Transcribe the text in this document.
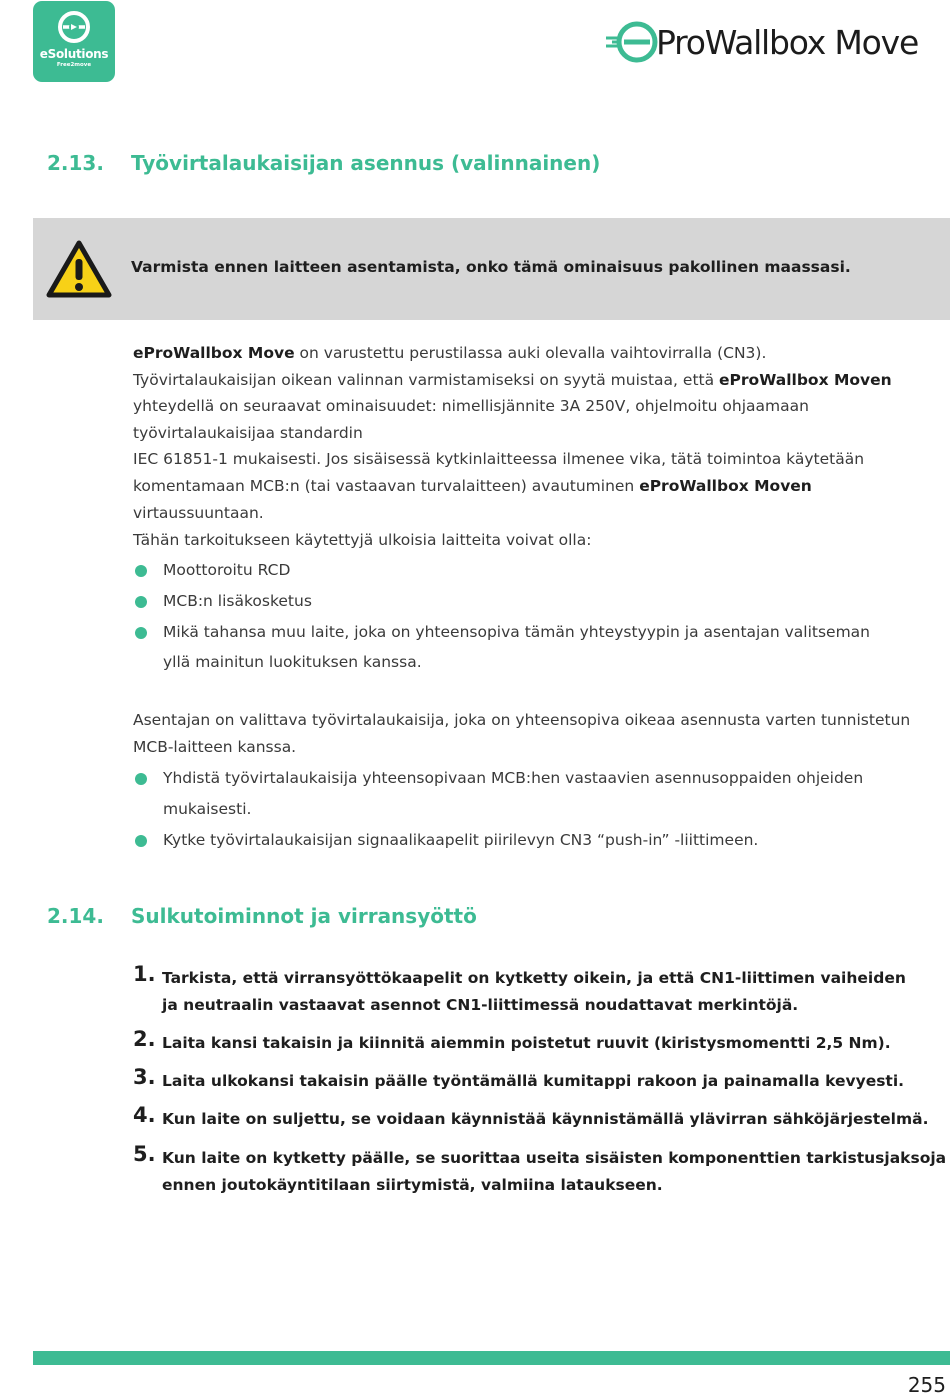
eSolutions
Free2move
ProWallbox Move
2.13. Työvirtalaukaisijan asennus (valinnainen)
Varmista ennen laitteen asentamista, onko tämä ominaisuus pakollinen maassasi.
eProWallbox Move on varustettu perustilassa auki olevalla vaihtovirralla (CN3).
Työvirtalaukaisijan oikean valinnan varmistamiseksi on syytä muistaa, että eProWallbox Moven
yhteydellä on seuraavat ominaisuudet: nimellisjännite 3A 250V, ohjelmoitu ohjaamaan
työvirtalaukaisijaa standardin
IEC 61851-1 mukaisesti. Jos sisäisessä kytkinlaitteessa ilmenee vika, tätä toimintoa käytetään
komentamaan MCB:n (tai vastaavan turvalaitteen) avautuminen eProWallbox Moven
virtaussuuntaan.
Tähän tarkoitukseen käytettyjä ulkoisia laitteita voivat olla:
Moottoroitu RCD
MCB:n lisäkosketus
Mikä tahansa muu laite, joka on yhteensopiva tämän yhteystyypin ja asentajan valitseman
yllä mainitun luokituksen kanssa.
Asentajan on valittava työvirtalaukaisija, joka on yhteensopiva oikeaa asennusta varten tunnistetun
MCB-laitteen kanssa.
Yhdistä työvirtalaukaisija yhteensopivaan MCB:hen vastaavien asennusoppaiden ohjeiden
mukaisesti.
Kytke työvirtalaukaisijan signaalikaapelit piirilevyn CN3 “push-in” -liittimeen.
2.14. Sulkutoiminnot ja virransyöttö
1. Tarkista, että virransyöttökaapelit on kytketty oikein, ja että CN1-liittimen vaiheiden
ja neutraalin vastaavat asennot CN1-liittimessä noudattavat merkintöjä.
2. Laita kansi takaisin ja kiinnitä aiemmin poistetut ruuvit (kiristysmomentti 2,5 Nm).
3. Laita ulkokansi takaisin päälle työntämällä kumitappi rakoon ja painamalla kevyesti.
4. Kun laite on suljettu, se voidaan käynnistää käynnistämällä ylävirran sähköjärjestelmä.
5. Kun laite on kytketty päälle, se suorittaa useita sisäisten komponenttien tarkistusjaksoja
ennen joutokäyntitilaan siirtymistä, valmiina lataukseen.
255
